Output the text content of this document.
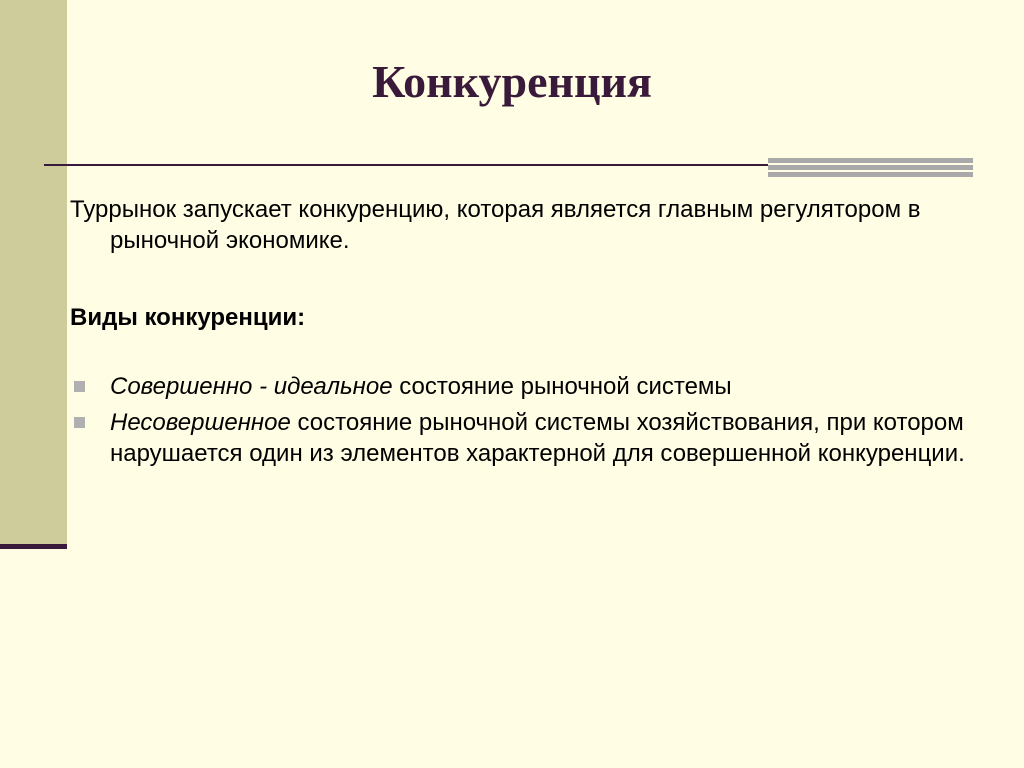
Конкуренция

Туррынок запускает конкуренцию, которая является главным регулятором в рыночной экономике.

Виды конкуренции:

Совершенно - идеальное состояние рыночной системы
Несовершенное состояние рыночной системы хозяйствования, при котором нарушается один из элементов характерной для совершенной конкуренции.
